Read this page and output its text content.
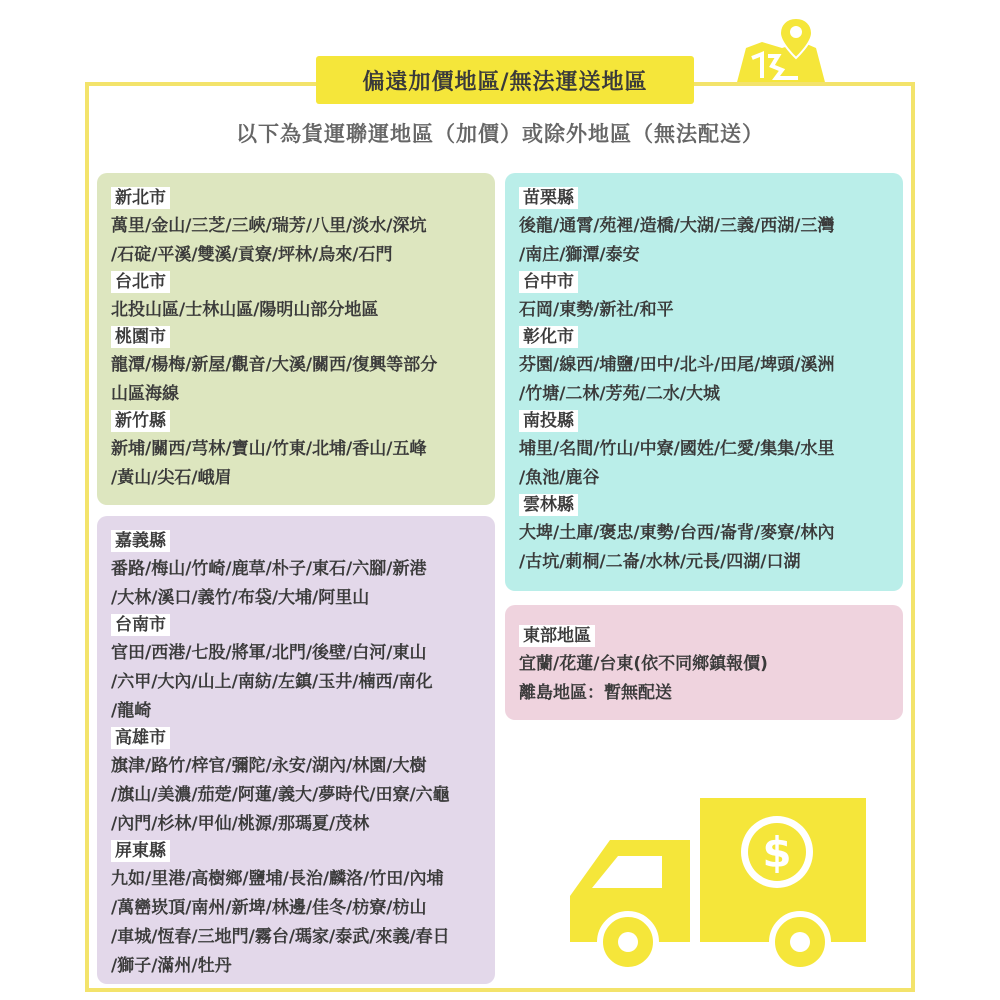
偏遠加價地區/無法運送地區
以下為貨運聯運地區（加價）或除外地區（無法配送）
新北市
萬里/金山/三芝/三峽/瑞芳/八里/淡水/深坑
/石碇/平溪/雙溪/貢寮/坪林/烏來/石門
台北市
北投山區/士林山區/陽明山部分地區
桃園市
龍潭/楊梅/新屋/觀音/大溪/關西/復興等部分
山區海線
新竹縣
新埔/關西/芎林/寶山/竹東/北埔/香山/五峰
/黃山/尖石/峨眉
嘉義縣
番路/梅山/竹崎/鹿草/朴子/東石/六腳/新港
/大林/溪口/義竹/布袋/大埔/阿里山
台南市
官田/西港/七股/將軍/北門/後壁/白河/東山
/六甲/大內/山上/南紡/左鎮/玉井/楠西/南化
/龍崎
高雄市
旗津/路竹/梓官/彌陀/永安/湖內/林園/大樹
/旗山/美濃/茄萣/阿蓮/義大/夢時代/田寮/六龜
/內門/杉林/甲仙/桃源/那瑪夏/茂林
屏東縣
九如/里港/高樹鄉/鹽埔/長治/麟洛/竹田/內埔
/萬巒崁頂/南州/新埤/林邊/佳冬/枋寮/枋山
/車城/恆春/三地門/霧台/瑪家/泰武/來義/春日
/獅子/滿州/牡丹
苗栗縣
後龍/通霄/苑裡/造橋/大湖/三義/西湖/三灣
/南庄/獅潭/泰安
台中市
石岡/東勢/新社/和平
彰化市
芬園/線西/埔鹽/田中/北斗/田尾/埤頭/溪洲
/竹塘/二林/芳苑/二水/大城
南投縣
埔里/名間/竹山/中寮/國姓/仁愛/集集/水里
/魚池/鹿谷
雲林縣
大埤/土庫/褒忠/東勢/台西/崙背/麥寮/林內
/古坑/莿桐/二崙/水林/元長/四湖/口湖
東部地區
宜蘭/花蓮/台東(依不同鄉鎮報價)
離島地區：暫無配送
$
